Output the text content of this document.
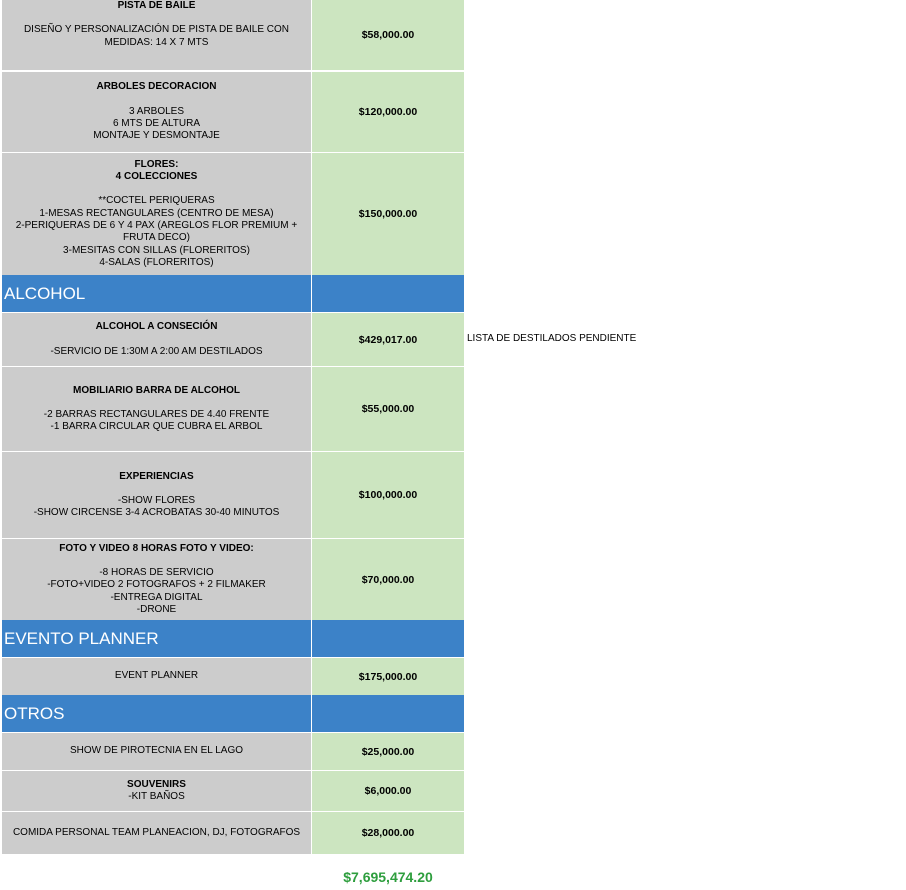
PISTA DE BAILE
DISEÑO Y PERSONALIZACIÓN DE PISTA DE BAILE CON
MEDIDAS: 14 X 7 MTS
$58,000.00
ARBOLES DECORACION
3 ARBOLES
6 MTS DE ALTURA
MONTAJE Y DESMONTAJE
$120,000.00
FLORES:
4 COLECCIONES
**COCTEL PERIQUERAS
1-MESAS RECTANGULARES (CENTRO DE MESA)
2-PERIQUERAS DE 6 Y 4 PAX (AREGLOS FLOR PREMIUM +
FRUTA DECO)
3-MESITAS CON SILLAS (FLORERITOS)
4-SALAS (FLORERITOS)
$150,000.00
ALCOHOL
ALCOHOL A CONSECIÓN
-SERVICIO DE 1:30M A 2:00 AM DESTILADOS
$429,017.00	LISTA DE DESTILADOS PENDIENTE
MOBILIARIO BARRA DE ALCOHOL
-2 BARRAS RECTANGULARES DE 4.40 FRENTE
-1 BARRA CIRCULAR QUE CUBRA EL ARBOL
$55,000.00
EXPERIENCIAS
-SHOW FLORES
-SHOW CIRCENSE 3-4 ACROBATAS 30-40 MINUTOS
$100,000.00
FOTO Y VIDEO 8 HORAS FOTO Y VIDEO:
-8 HORAS DE SERVICIO
-FOTO+VIDEO 2 FOTOGRAFOS + 2 FILMAKER
-ENTREGA DIGITAL
-DRONE
$70,000.00
EVENTO PLANNER
EVENT PLANNER	$175,000.00
OTROS
SHOW DE PIROTECNIA EN EL LAGO	$25,000.00
SOUVENIRS
-KIT BAÑOS	$6,000.00
COMIDA PERSONAL TEAM PLANEACION, DJ, FOTOGRAFOS	$28,000.00
$7,695,474.20
